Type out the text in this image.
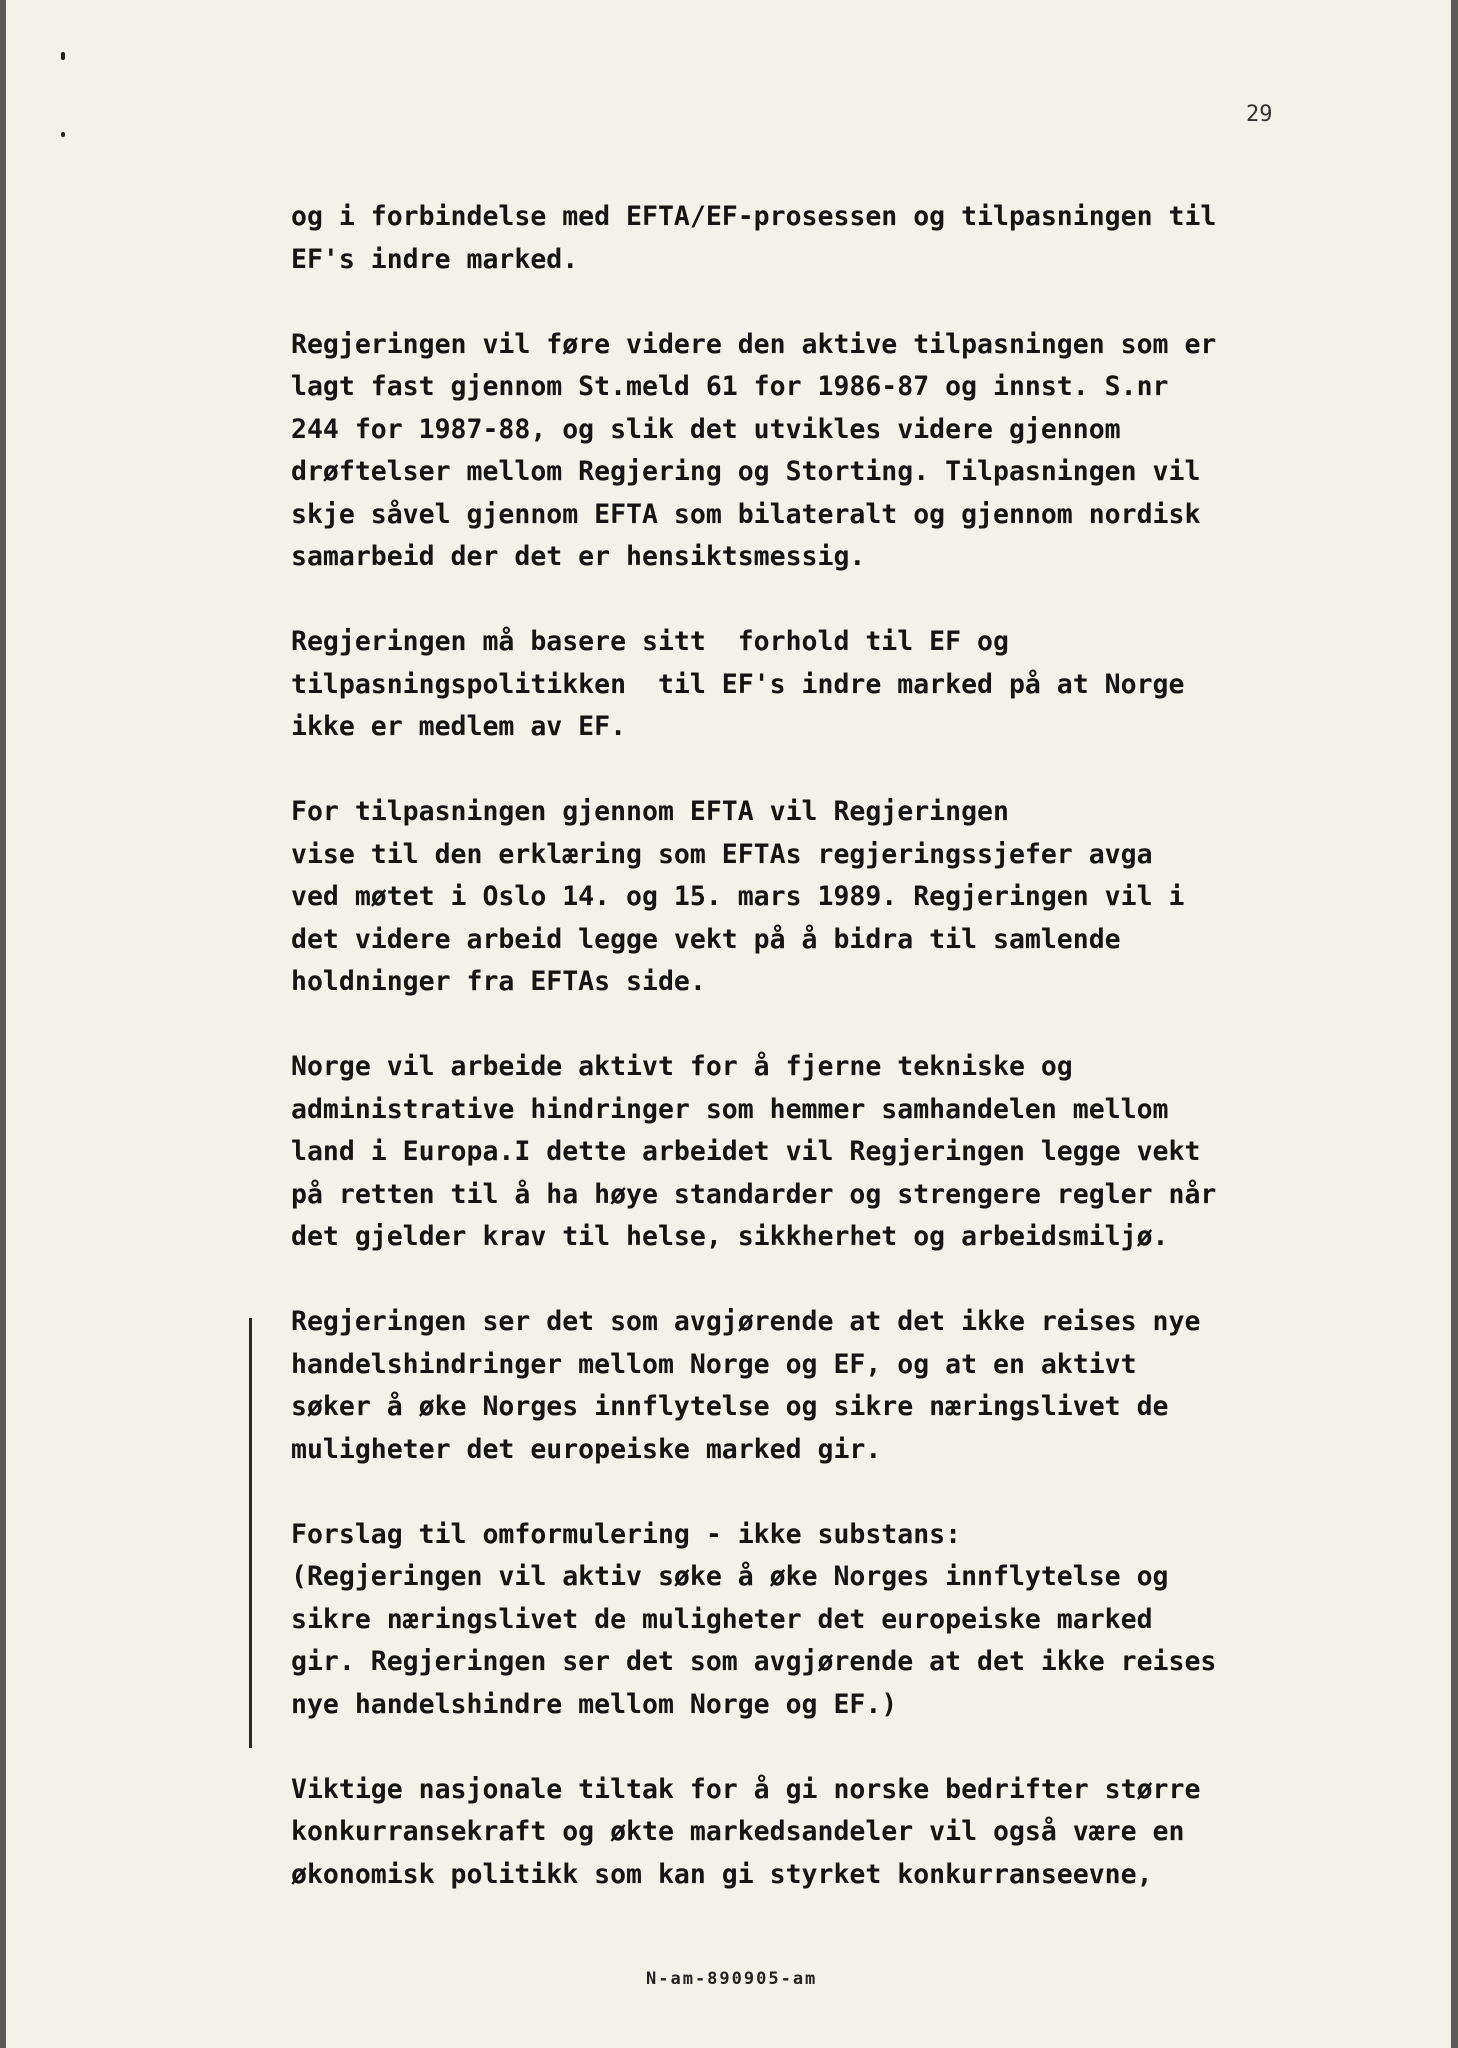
29
og i forbindelse med EFTA/EF-prosessen og tilpasningen til
EF's indre marked.
Regjeringen vil føre videre den aktive tilpasningen som er
lagt fast gjennom St.meld 61 for 1986-87 og innst. S.nr
244 for 1987-88, og slik det utvikles videre gjennom
drøftelser mellom Regjering og Storting. Tilpasningen vil
skje såvel gjennom EFTA som bilateralt og gjennom nordisk
samarbeid der det er hensiktsmessig.
Regjeringen må basere sitt  forhold til EF og
tilpasningspolitikken  til EF's indre marked på at Norge
ikke er medlem av EF.
For tilpasningen gjennom EFTA vil Regjeringen
vise til den erklæring som EFTAs regjeringssjefer avga
ved møtet i Oslo 14. og 15. mars 1989. Regjeringen vil i
det videre arbeid legge vekt på å bidra til samlende
holdninger fra EFTAs side.
Norge vil arbeide aktivt for å fjerne tekniske og
administrative hindringer som hemmer samhandelen mellom
land i Europa.I dette arbeidet vil Regjeringen legge vekt
på retten til å ha høye standarder og strengere regler når
det gjelder krav til helse, sikkherhet og arbeidsmiljø.
Regjeringen ser det som avgjørende at det ikke reises nye
handelshindringer mellom Norge og EF, og at en aktivt
søker å øke Norges innflytelse og sikre næringslivet de
muligheter det europeiske marked gir.
Forslag til omformulering - ikke substans:
(Regjeringen vil aktiv søke å øke Norges innflytelse og
sikre næringslivet de muligheter det europeiske marked
gir. Regjeringen ser det som avgjørende at det ikke reises
nye handelshindre mellom Norge og EF.)
Viktige nasjonale tiltak for å gi norske bedrifter større
konkurransekraft og økte markedsandeler vil også være en
økonomisk politikk som kan gi styrket konkurranseevne,
N-am-890905-am
